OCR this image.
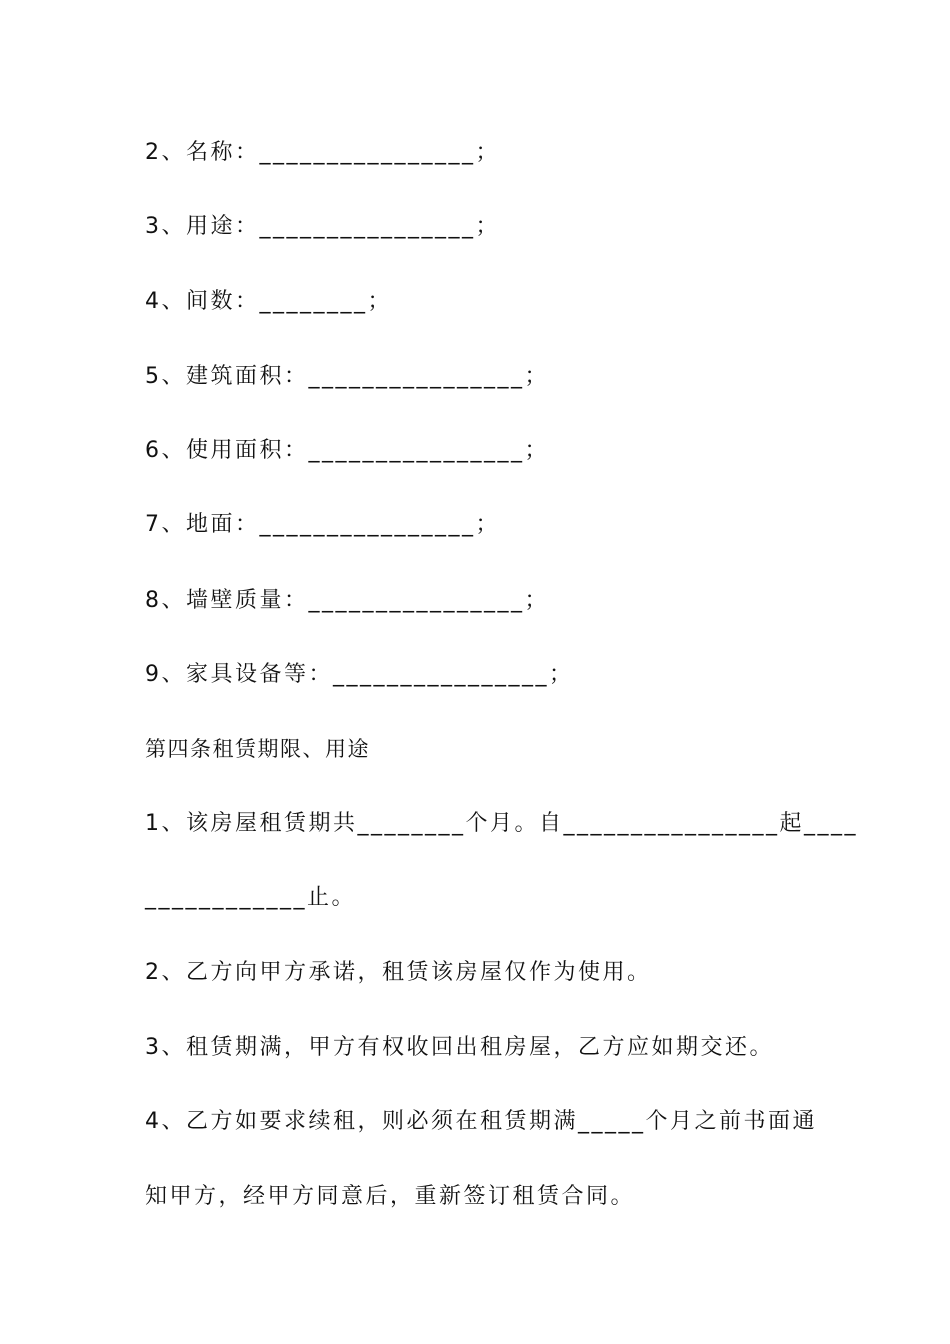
2、名称：________________；
3、用途：________________；
4、间数：________；
5、建筑面积：________________；
6、使用面积：________________；
7、地面：________________；
8、墙壁质量：________________；
9、家具设备等：________________；
第四条租赁期限、用途
1、该房屋租赁期共________个月。自________________起____
____________止。
2、乙方向甲方承诺，租赁该房屋仅作为使用。
3、租赁期满，甲方有权收回出租房屋，乙方应如期交还。
4、乙方如要求续租，则必须在租赁期满_____个月之前书面通
知甲方，经甲方同意后，重新签订租赁合同。
